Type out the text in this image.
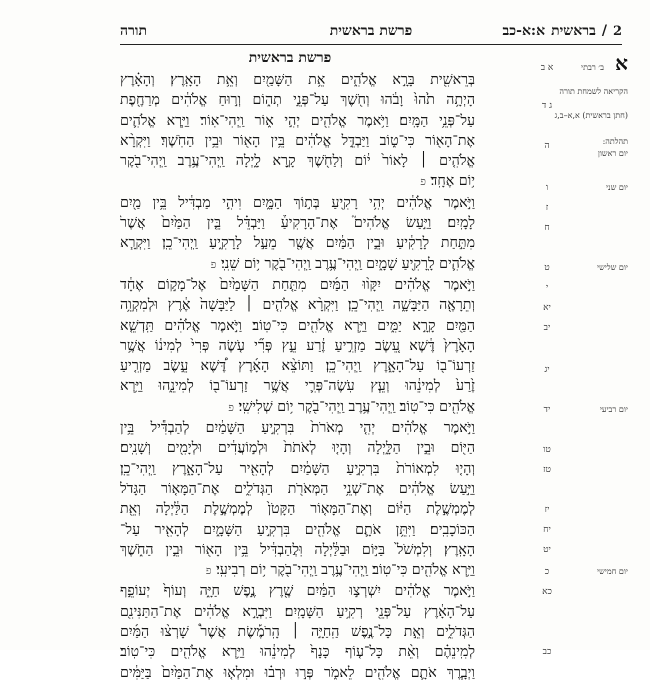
2
/
בראשית
א:א-כב
פרשת בראשית
תורה
פרשת בראשית	א
ב׳ רבתי
הקריאה לשמחת תורה
(חתן בראשית) א,א–ב,ג
תהלתה:
יום ראשון
יום שני
יום שלישי
יום רביעי
יום חמישי
א ב
ג ד
ה
ו
ז
ח
ט
י
יא
יב
יג
יד
טו
טז
יז
יח
יט
כ
כא
כב
בְּרֵאשִׁ֖ית בָּרָ֣א אֱלֹהִ֑ים אֵ֥ת הַשָּׁמַ֖יִם וְאֵ֥ת הָאָֽרֶץ׃ וְהָאָ֗רֶץ
הָיְתָ֥ה תֹ֙הוּ֙ וָבֹ֔הוּ וְחֹ֖שֶׁךְ עַל־פְּנֵ֣י תְה֑וֹם וְר֣וּחַ אֱלֹהִ֔ים מְרַחֶ֖פֶת
עַל־פְּנֵ֥י הַמָּֽיִם׃ וַיֹּ֥אמֶר אֱלֹהִ֖ים יְהִ֣י א֑וֹר וַֽיְהִי־אֽוֹר׃ וַיַּ֧רְא אֱלֹהִ֛ים
אֶת־הָא֖וֹר כִּי־ט֑וֹב וַיַּבְדֵּ֣ל אֱלֹהִ֔ים בֵּ֥ין הָא֖וֹר וּבֵ֥ין הַחֹֽשֶׁךְ׃ וַיִּקְרָ֨א
אֱלֹהִ֤ים ׀ לָאוֹר֙ י֔וֹם וְלַחֹ֖שֶׁךְ קָ֣רָא לָ֑יְלָה וַֽיְהִי־עֶ֥רֶב וַֽיְהִי־בֹ֖קֶר
י֥וֹם אֶחָֽד׃ פ
וַיֹּ֣אמֶר אֱלֹהִ֔ים יְהִ֥י רָקִ֖יעַ בְּת֣וֹךְ הַמָּ֑יִם וִיהִ֣י מַבְדִּ֔יל בֵּ֥ין מַ֖יִם
לָמָֽיִם׃ וַיַּ֣עַשׂ אֱלֹהִים֮ אֶת־הָרָקִיעַ֒ וַיַּבְדֵּ֗ל בֵּ֤ין הַמַּ֙יִם֙ אֲשֶׁר֙
מִתַּ֣חַת לָרָקִ֔יעַ וּבֵ֣ין הַמַּ֔יִם אֲשֶׁ֖ר מֵעַ֣ל לָרָקִ֑יעַ וַֽיְהִי־כֵֽן׃ וַיִּקְרָ֧א
אֱלֹהִ֛ים לָֽרָקִ֖יעַ שָׁמָ֑יִם וַֽיְהִי־עֶ֥רֶב וַֽיְהִי־בֹ֖קֶר י֥וֹם שֵׁנִֽי׃ פ
וַיֹּ֣אמֶר אֱלֹהִ֗ים יִקָּו֨וּ הַמַּ֜יִם מִתַּ֤חַת הַשָּׁמַ֙יִם֙ אֶל־מָק֣וֹם אֶחָ֔ד
וְתֵרָאֶ֖ה הַיַּבָּשָׁ֑ה וַֽיְהִי־כֵֽן׃ וַיִּקְרָ֨א אֱלֹהִ֤ים ׀ לַיַּבָּשָׁה֙ אֶ֔רֶץ וּלְמִקְוֵ֥ה
הַמַּ֖יִם קָרָ֣א יַמִּ֑ים וַיַּ֥רְא אֱלֹהִ֖ים כִּי־טֽוֹב׃ וַיֹּ֣אמֶר אֱלֹהִ֗ים תַּֽדְשֵׁ֤א
הָאָ֙רֶץ֙ דֶּ֔שֶׁא עֵ֚שֶׂב מַזְרִ֣יעַ זֶ֔רַע עֵ֣ץ פְּרִ֞י עֹ֤שֶׂה פְּרִי֙ לְמִינ֔וֹ אֲשֶׁ֥ר
זַרְעוֹ־ב֖וֹ עַל־הָאָ֑רֶץ וַֽיְהִי־כֵֽן׃ וַתּוֹצֵ֨א הָאָ֜רֶץ דֶּ֠שֶׁא עֵ֣שֶׂב מַזְרִ֤יעַ
זֶ֙רַע֙ לְמִינֵ֔הוּ וְעֵ֧ץ עֹֽשֶׂה־פְּרִ֛י אֲשֶׁ֥ר זַרְעוֹ־ב֖וֹ לְמִינֵ֑הוּ וַיַּ֥רְא
אֱלֹהִ֖ים כִּי־טֽוֹב׃ וַֽיְהִי־עֶ֥רֶב וַֽיְהִי־בֹ֖קֶר י֥וֹם שְׁלִישִֽׁי׃ פ
וַיֹּ֣אמֶר אֱלֹהִ֗ים יְהִ֤י מְאֹרֹת֙ בִּרְקִ֣יעַ הַשָּׁמַ֔יִם לְהַבְדִּ֕יל בֵּ֥ין
הַיּ֖וֹם וּבֵ֣ין הַלָּ֑יְלָה וְהָי֤וּ לְאֹתֹת֙ וּלְמ֣וֹעֲדִ֔ים וּלְיָמִ֖ים וְשָׁנִֽים׃
וְהָי֤וּ לִמְאוֹרֹת֙ בִּרְקִ֣יעַ הַשָּׁמַ֔יִם לְהָאִ֖יר עַל־הָאָ֑רֶץ וַֽיְהִי־כֵֽן׃
וַיַּ֣עַשׂ אֱלֹהִ֔ים אֶת־שְׁנֵ֥י הַמְּאֹרֹ֖ת הַגְּדֹלִ֑ים אֶת־הַמָּא֤וֹר הַגָּדֹל֙
לְמֶמְשֶׁ֣לֶת הַיּ֔וֹם וְאֶת־הַמָּא֤וֹר הַקָּטֹן֙ לְמֶמְשֶׁ֣לֶת הַלַּ֔יְלָה וְאֵ֖ת
הַכּוֹכָבִֽים׃ וַיִּתֵּ֥ן אֹתָ֛ם אֱלֹהִ֖ים בִּרְקִ֣יעַ הַשָּׁמָ֑יִם לְהָאִ֖יר עַל־
הָאָֽרֶץ׃ וְלִמְשֹׁל֙ בַּיּ֣וֹם וּבַלַּ֔יְלָה וּֽלֲהַבְדִּ֔יל בֵּ֥ין הָא֖וֹר וּבֵ֣ין הַחֹ֑שֶׁךְ
וַיַּ֥רְא אֱלֹהִ֖ים כִּי־טֽוֹב׃ וַֽיְהִי־עֶ֥רֶב וַֽיְהִי־בֹ֖קֶר י֥וֹם רְבִיעִֽי׃ פ
וַיֹּ֣אמֶר אֱלֹהִ֔ים יִשְׁרְצ֣וּ הַמַּ֔יִם שֶׁ֖רֶץ נֶ֣פֶשׁ חַיָּ֑ה וְעוֹף֙ יְעוֹפֵ֣ף
עַל־הָאָ֔רֶץ עַל־פְּנֵ֖י רְקִ֥יעַ הַשָּׁמָֽיִם׃ וַיִּבְרָ֣א אֱלֹהִ֔ים אֶת־הַתַּנִּינִ֖ם
הַגְּדֹלִ֑ים וְאֵ֣ת כָּל־נֶ֣פֶשׁ הַֽחַיָּ֣ה ׀ הָֽרֹמֶ֡שֶׂת אֲשֶׁר֩ שָׁרְצ֨וּ הַמַּ֜יִם
לְמִֽינֵהֶ֗ם וְאֵ֨ת כָּל־ע֤וֹף כָּנָף֙ לְמִינֵ֔הוּ וַיַּ֥רְא אֱלֹהִ֖ים כִּי־טֽוֹב׃
וַיְבָ֧רֶךְ אֹתָ֛ם אֱלֹהִ֖ים לֵאמֹ֑ר פְּר֣וּ וּרְב֗וּ וּמִלְא֤וּ אֶת־הַמַּ֙יִם֙ בַּיַּמִּ֔ים
